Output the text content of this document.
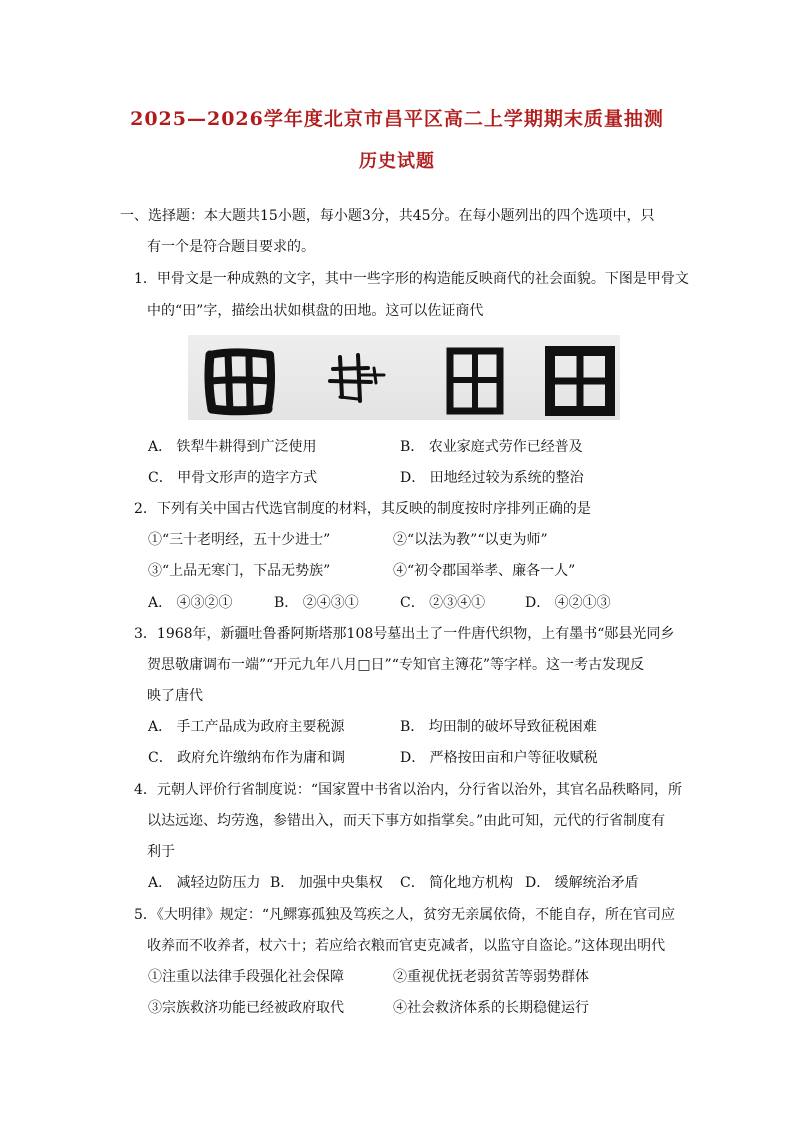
2025—2026学年度北京市昌平区高二上学期期末质量抽测
历史试题
一、选择题：本大题共15小题，每小题3分，共45分。在每小题列出的四个选项中，只
有一个是符合题目要求的。
1．甲骨文是一种成熟的文字，其中一些字形的构造能反映商代的社会面貌。下图是甲骨文
中的“田”字，描绘出状如棋盘的田地。这可以佐证商代
A． 铁犁牛耕得到广泛使用	B． 农业家庭式劳作已经普及
C． 甲骨文形声的造字方式	D． 田地经过较为系统的整治
2．下列有关中国古代选官制度的材料，其反映的制度按时序排列正确的是
①“三十老明经，五十少进士”	②“以法为教”“以吏为师”
③“上品无寒门，下品无势族”	④“初令郡国举孝、廉各一人”
A． ④③②①	B． ②④③①	C． ②③④①	D． ④②①③
3．1968年，新疆吐鲁番阿斯塔那108号墓出土了一件唐代织物，上有墨书“郧县光同乡
贺思敬庸调布一端”“开元九年八月□日”“专知官主簿花”等字样。这一考古发现反
映了唐代
A． 手工产品成为政府主要税源	B． 均田制的破坏导致征税困难
C． 政府允许缴纳布作为庸和调	D． 严格按田亩和户等征收赋税
4．元朝人评价行省制度说：“国家置中书省以治内，分行省以治外，其官名品秩略同，所
以达远迩、均劳逸，参错出入，而天下事方如指掌矣。”由此可知，元代的行省制度有
利于
A． 减轻边防压力 B． 加强中央集权 C． 简化地方机构 D． 缓解统治矛盾
5．《大明律》规定：“凡鳏寡孤独及笃疾之人，贫穷无亲属依倚，不能自存，所在官司应
收养而不收养者，杖六十；若应给衣粮而官吏克减者，以监守自盗论。”这体现出明代
①注重以法律手段强化社会保障	②重视优抚老弱贫苦等弱势群体
③宗族救济功能已经被政府取代	④社会救济体系的长期稳健运行
